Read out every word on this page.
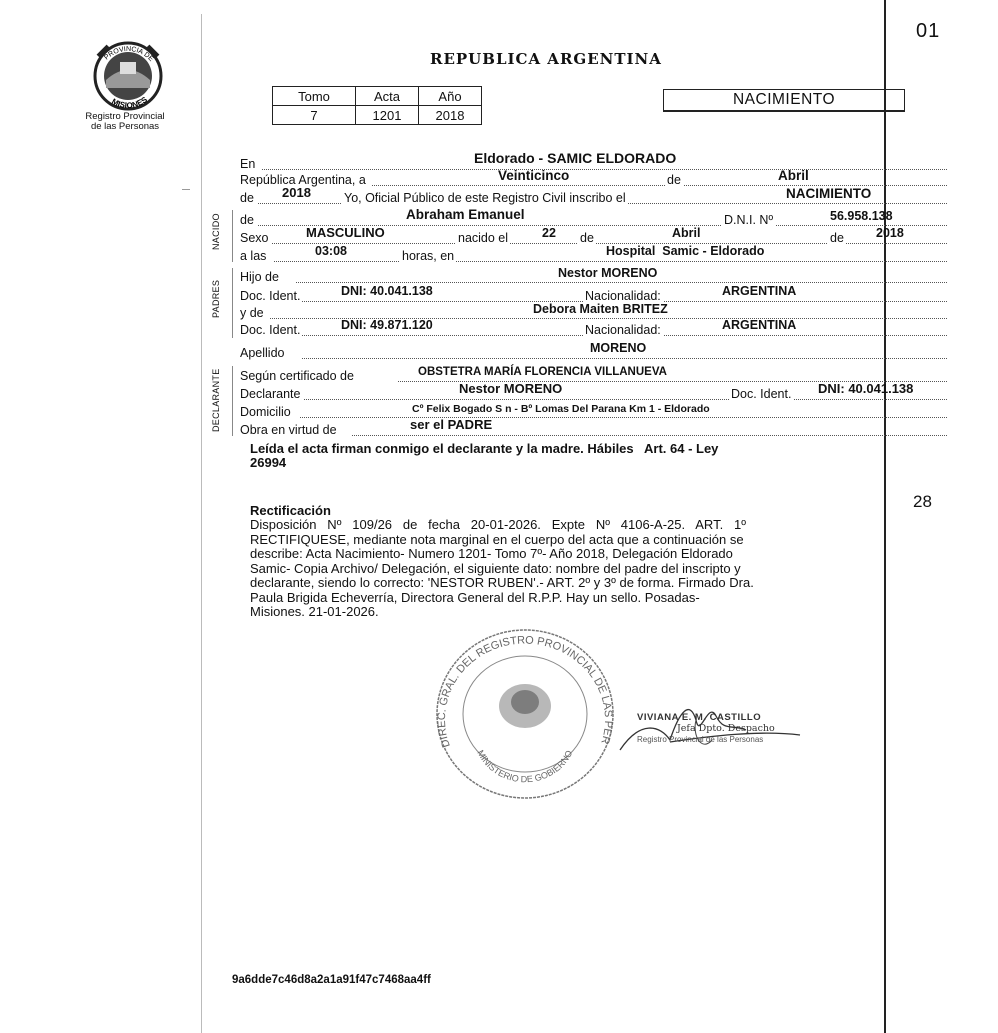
01
PROVINCIA DE
MISIONES
Registro Provincial
de las Personas
REPUBLICA ARGENTINA
Tomo	Acta	Año
7	1201	2018
NACIMIENTO
NACIDO
PADRES
DECLARANTE
En	Eldorado - SAMIC ELDORADO
República Argentina, a	Veinticinco	de	Abril
de 2018	Yo, Oficial Público de este Registro Civil inscribo el	NACIMIENTO
de	Abraham Emanuel	D.N.I. Nº	56.958.138
Sexo	MASCULINO	nacido el	22 de	Abril	de	2018
a las	03:08	horas, en	Hospital  Samic - Eldorado
Hijo de	Nestor MORENO
Doc. Ident.	DNI: 40.041.138	Nacionalidad:	ARGENTINA
y de	Debora Maiten BRITEZ
Doc. Ident.	DNI: 49.871.120	Nacionalidad:	ARGENTINA
Apellido	MORENO
Según certificado de	OBSTETRA MARÍA FLORENCIA VILLANUEVA
Declarante	Nestor MORENO	Doc. Ident. DNI: 40.041.138
Domicilio	Cº Felix Bogado S n - Bº Lomas Del Parana Km 1 - Eldorado
Obra en virtud de	ser el PADRE
Leída el acta firman conmigo el declarante y la madre. Hábiles   Art. 64 - Ley
26994
28
Rectificación
Disposición   Nº   109/26   de   fecha   20-01-2026.   Expte   Nº   4106-A-25.   ART.   1º
RECTIFIQUESE, mediante nota marginal en el cuerpo del acta que a continuación se
describe: Acta Nacimiento- Numero 1201- Tomo 7º- Año 2018, Delegación Eldorado
Samic- Copia Archivo/ Delegación, el siguiente dato: nombre del padre del inscripto y
declarante, siendo lo correcto: 'NESTOR RUBEN'.- ART. 2º y 3º de forma. Firmado Dra.
Paula Brigida Echeverría, Directora General del R.P.P. Hay un sello. Posadas-
Misiones. 21-01-2026.
DIREC. GRAL. DEL REGISTRO PROVINCIAL DE LAS PER
MINISTERIO DE GOBIERNO
VIVIANA E. M. CASTILLO
Jefa Dpto. Despacho
Registro Provincial de las Personas
9a6dde7c46d8a2a1a91f47c7468aa4ff
